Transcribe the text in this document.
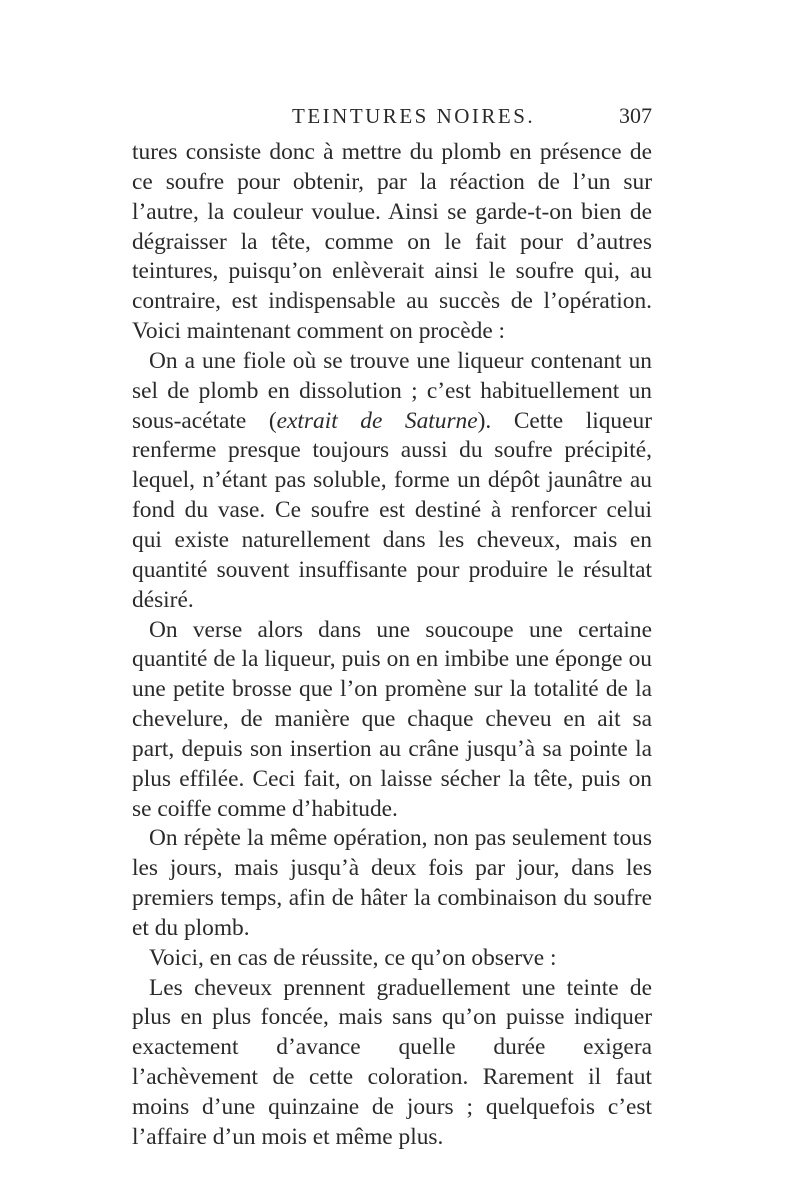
TEINTURES NOIRES.	307

tures consiste donc à mettre du plomb en présence de ce soufre pour obtenir, par la réaction de l’un sur l’autre, la couleur voulue. Ainsi se garde-t-on bien de dégraisser la tête, comme on le fait pour d’autres teintures, puisqu’on enlèverait ainsi le soufre qui, au contraire, est indispensable au succès de l’opération. Voici maintenant comment on procède :

On a une fiole où se trouve une liqueur contenant un sel de plomb en dissolution ; c’est habituellement un sous-acétate (extrait de Saturne). Cette liqueur renferme presque toujours aussi du soufre précipité, lequel, n’étant pas soluble, forme un dépôt jaunâtre au fond du vase. Ce soufre est destiné à renforcer celui qui existe naturellement dans les cheveux, mais en quantité souvent insuffisante pour produire le résultat désiré.

On verse alors dans une soucoupe une certaine quantité de la liqueur, puis on en imbibe une éponge ou une petite brosse que l’on promène sur la totalité de la chevelure, de manière que chaque cheveu en ait sa part, depuis son insertion au crâne jusqu’à sa pointe la plus effilée. Ceci fait, on laisse sécher la tête, puis on se coiffe comme d’habitude.

On répète la même opération, non pas seulement tous les jours, mais jusqu’à deux fois par jour, dans les premiers temps, afin de hâter la combinaison du soufre et du plomb.

Voici, en cas de réussite, ce qu’on observe :

Les cheveux prennent graduellement une teinte de plus en plus foncée, mais sans qu’on puisse indiquer exactement d’avance quelle durée exigera l’achèvement de cette coloration. Rarement il faut moins d’une quinzaine de jours ; quelquefois c’est l’affaire d’un mois et même plus.
